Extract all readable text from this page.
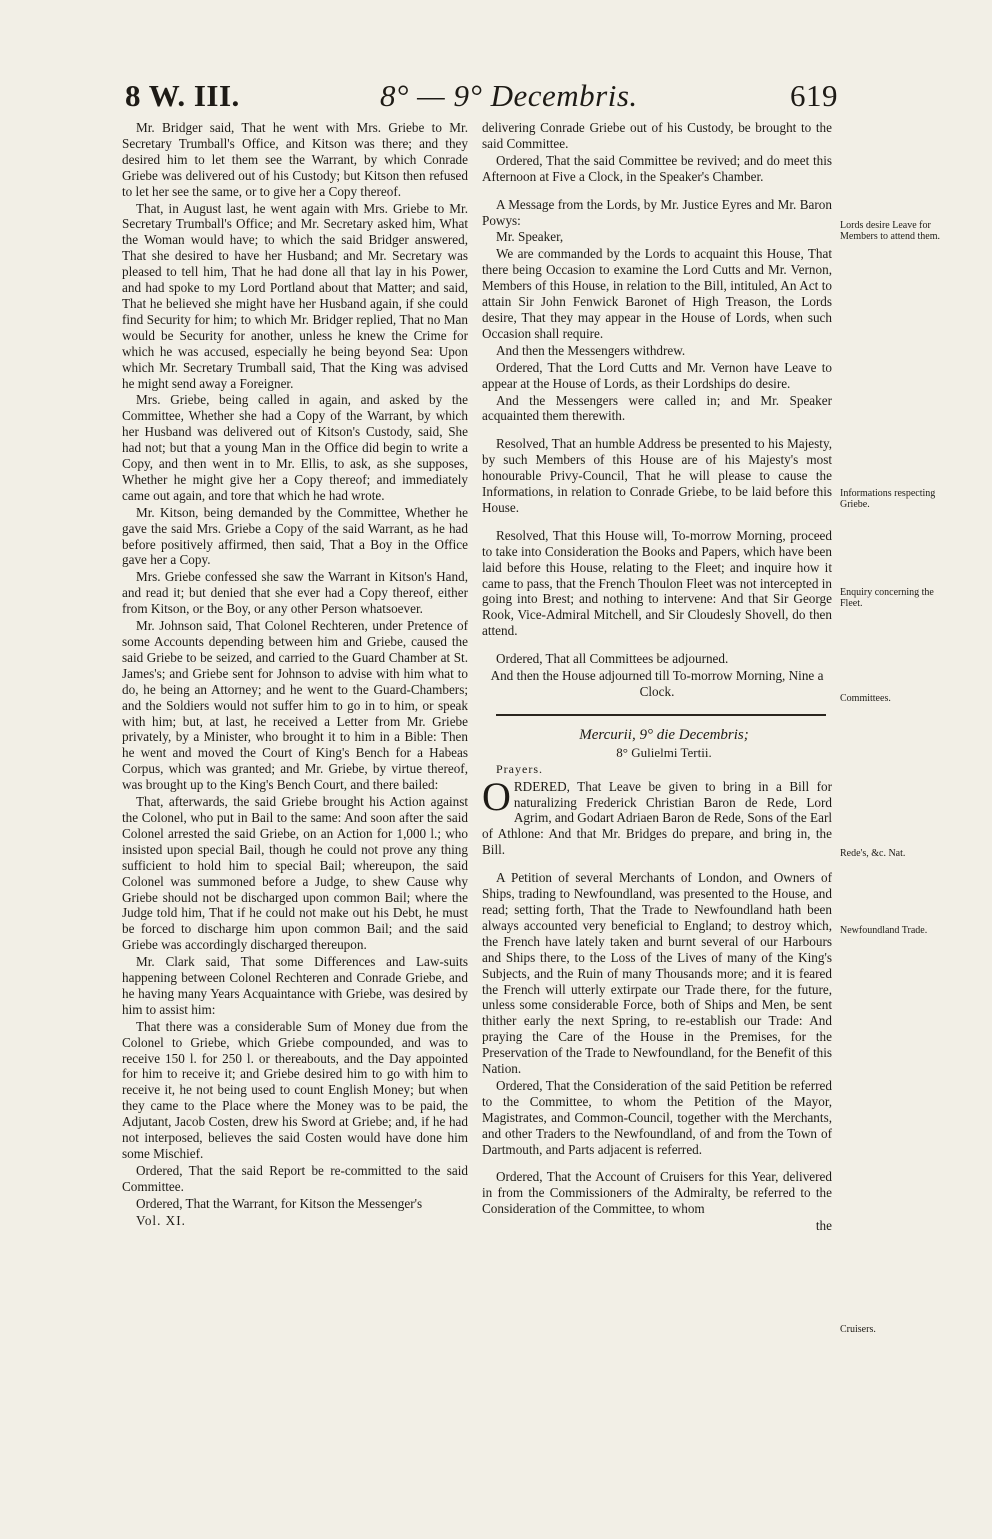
8 W. III.	8° — 9° Decembris.	619

Mr. Bridger said, That he went with Mrs. Griebe to Mr. Secretary Trumball's Office, and Kitson was there; and they desired him to let them see the Warrant, by which Conrade Griebe was delivered out of his Custody; but Kitson then refused to let her see the same, or to give her a Copy thereof.

That, in August last, he went again with Mrs. Griebe to Mr. Secretary Trumball's Office; and Mr. Secretary asked him, What the Woman would have; to which the said Bridger answered, That she desired to have her Husband; and Mr. Secretary was pleased to tell him, That he had done all that lay in his Power, and had spoke to my Lord Portland about that Matter; and said, That he believed she might have her Husband again, if she could find Security for him; to which Mr. Bridger replied, That no Man would be Security for another, unless he knew the Crime for which he was accused, especially he being beyond Sea: Upon which Mr. Secretary Trumball said, That the King was advised he might send away a Foreigner.

Mrs. Griebe, being called in again, and asked by the Committee, Whether she had a Copy of the Warrant, by which her Husband was delivered out of Kitson's Custody, said, She had not; but that a young Man in the Office did begin to write a Copy, and then went in to Mr. Ellis, to ask, as she supposes, Whether he might give her a Copy thereof; and immediately came out again, and tore that which he had wrote.

Mr. Kitson, being demanded by the Committee, Whether he gave the said Mrs. Griebe a Copy of the said Warrant, as he had before positively affirmed, then said, That a Boy in the Office gave her a Copy.

Mrs. Griebe confessed she saw the Warrant in Kitson's Hand, and read it; but denied that she ever had a Copy thereof, either from Kitson, or the Boy, or any other Person whatsoever.

Mr. Johnson said, That Colonel Rechteren, under Pretence of some Accounts depending between him and Griebe, caused the said Griebe to be seized, and carried to the Guard Chamber at St. James's; and Griebe sent for Johnson to advise with him what to do, he being an Attorney; and he went to the Guard-Chambers; and the Soldiers would not suffer him to go in to him, or speak with him; but, at last, he received a Letter from Mr. Griebe privately, by a Minister, who brought it to him in a Bible: Then he went and moved the Court of King's Bench for a Habeas Corpus, which was granted; and Mr. Griebe, by virtue thereof, was brought up to the King's Bench Court, and there bailed:

That, afterwards, the said Griebe brought his Action against the Colonel, who put in Bail to the same: And soon after the said Colonel arrested the said Griebe, on an Action for 1,000 l.; who insisted upon special Bail, though he could not prove any thing sufficient to hold him to special Bail; whereupon, the said Colonel was summoned before a Judge, to shew Cause why Griebe should not be discharged upon common Bail; where the Judge told him, That if he could not make out his Debt, he must be forced to discharge him upon common Bail; and the said Griebe was accordingly discharged thereupon.

Mr. Clark said, That some Differences and Law-suits happening between Colonel Rechteren and Conrade Griebe, and he having many Years Acquaintance with Griebe, was desired by him to assist him:

That there was a considerable Sum of Money due from the Colonel to Griebe, which Griebe compounded, and was to receive 150 l. for 250 l. or thereabouts, and the Day appointed for him to receive it; and Griebe desired him to go with him to receive it, he not being used to count English Money; but when they came to the Place where the Money was to be paid, the Adjutant, Jacob Costen, drew his Sword at Griebe; and, if he had not interposed, believes the said Costen would have done him some Mischief.

Ordered, That the said Report be re-committed to the said Committee.

Ordered, That the Warrant, for Kitson the Messenger's

Vol. XI.

delivering Conrade Griebe out of his Custody, be brought to the said Committee.

Ordered, That the said Committee be revived; and do meet this Afternoon at Five a Clock, in the Speaker's Chamber.

A Message from the Lords, by Mr. Justice Eyres and Mr. Baron Powys:

Mr. Speaker,

We are commanded by the Lords to acquaint this House, That there being Occasion to examine the Lord Cutts and Mr. Vernon, Members of this House, in relation to the Bill, intituled, An Act to attain Sir John Fenwick Baronet of High Treason, the Lords desire, That they may appear in the House of Lords, when such Occasion shall require.

And then the Messengers withdrew.

Ordered, That the Lord Cutts and Mr. Vernon have Leave to appear at the House of Lords, as their Lordships do desire.

And the Messengers were called in; and Mr. Speaker acquainted them therewith.

Resolved, That an humble Address be presented to his Majesty, by such Members of this House are of his Majesty's most honourable Privy-Council, That he will please to cause the Informations, in relation to Conrade Griebe, to be laid before this House.

Resolved, That this House will, To-morrow Morning, proceed to take into Consideration the Books and Papers, which have been laid before this House, relating to the Fleet; and inquire how it came to pass, that the French Thoulon Fleet was not intercepted in going into Brest; and nothing to intervene: And that Sir George Rook, Vice-Admiral Mitchell, and Sir Cloudesly Shovell, do then attend.

Ordered, That all Committees be adjourned.

And then the House adjourned till To-morrow Morning, Nine a Clock.

Mercurii, 9° die Decembris;

8° Gulielmi Tertii.

Prayers.

ORDERED, That Leave be given to bring in a Bill for naturalizing Frederick Christian Baron de Rede, Lord Agrim, and Godart Adriaen Baron de Rede, Sons of the Earl of Athlone: And that Mr. Bridges do prepare, and bring in, the Bill.

A Petition of several Merchants of London, and Owners of Ships, trading to Newfoundland, was presented to the House, and read; setting forth, That the Trade to Newfoundland hath been always accounted very beneficial to England; to destroy which, the French have lately taken and burnt several of our Harbours and Ships there, to the Loss of the Lives of many of the King's Subjects, and the Ruin of many Thousands more; and it is feared the French will utterly extirpate our Trade there, for the future, unless some considerable Force, both of Ships and Men, be sent thither early the next Spring, to re-establish our Trade: And praying the Care of the House in the Premises, for the Preservation of the Trade to Newfoundland, for the Benefit of this Nation.

Ordered, That the Consideration of the said Petition be referred to the Committee, to whom the Petition of the Mayor, Magistrates, and Common-Council, together with the Merchants, and other Traders to the Newfoundland, of and from the Town of Dartmouth, and Parts adjacent is referred.

Ordered, That the Account of Cruisers for this Year, delivered in from the Commissioners of the Admiralty, be referred to the Consideration of the Committee, to whom

the

Lords desire Leave for Members to attend them.
Informations respecting Griebe.
Enquiry concerning the Fleet.
Committees.
Rede's, &c. Nat.
Newfoundland Trade.
Cruisers.
